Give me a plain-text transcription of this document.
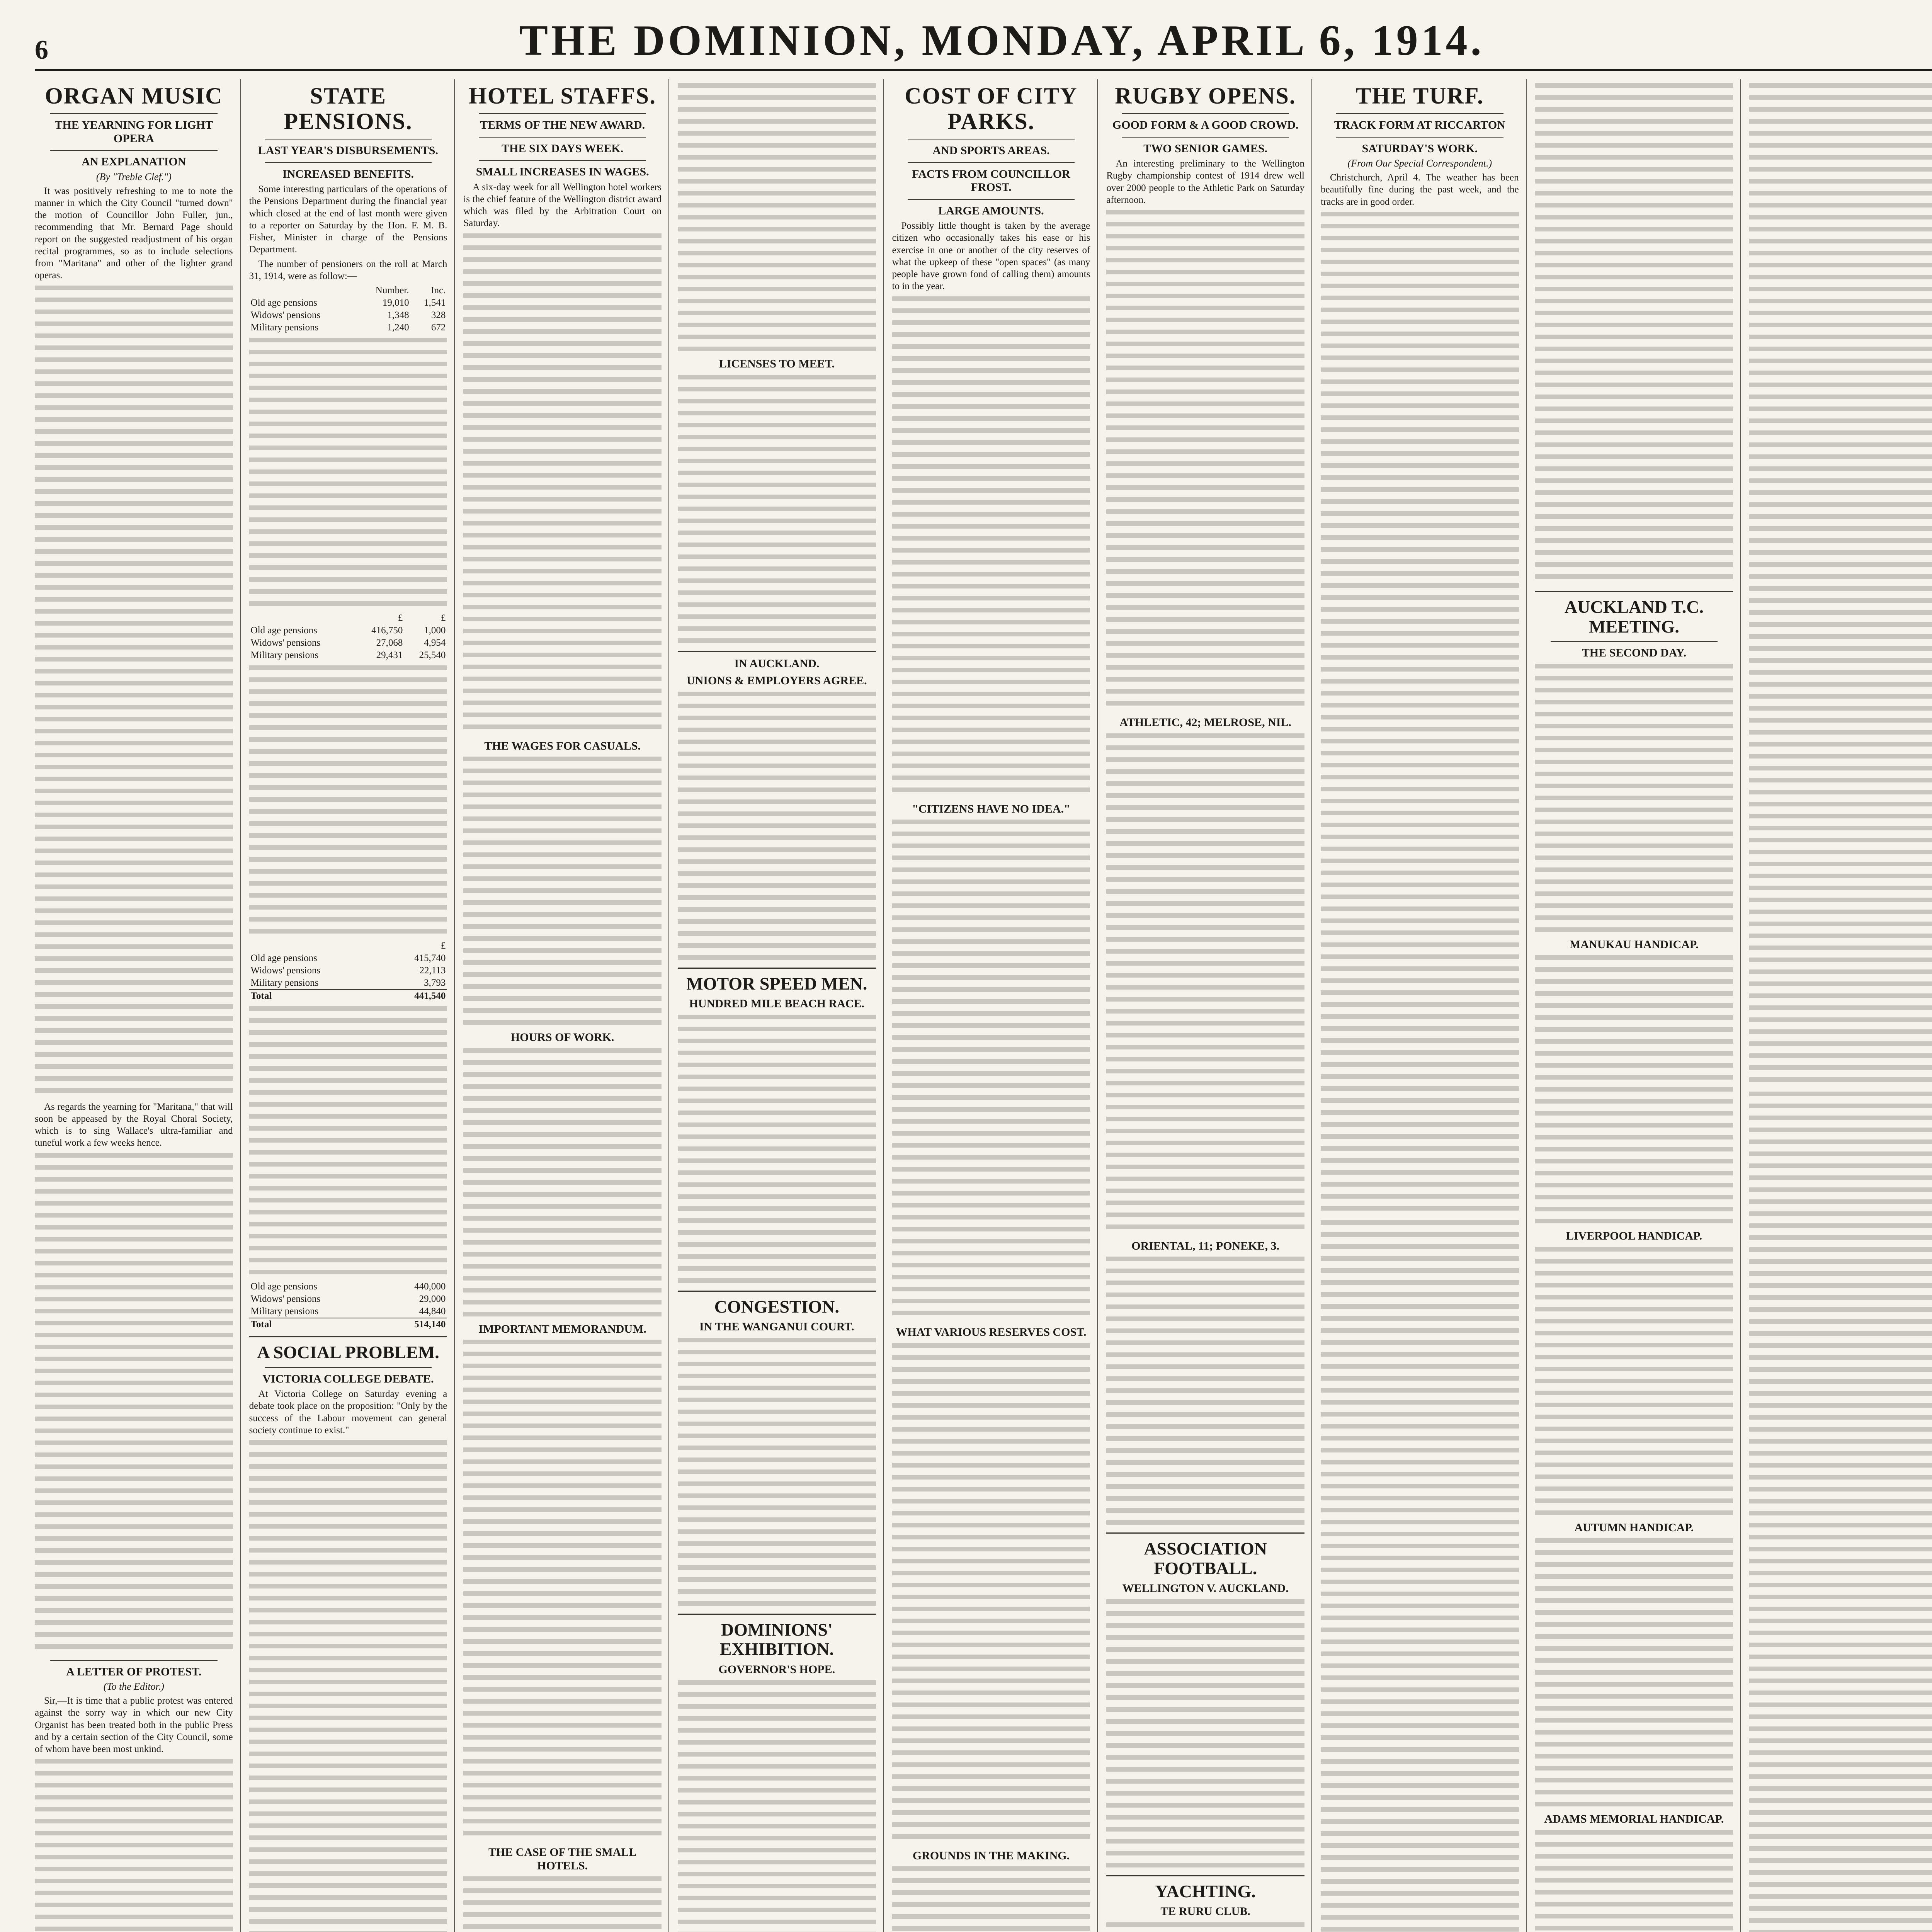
6	THE DOMINION, MONDAY, APRIL 6, 1914.
ORGAN MUSIC
THE YEARNING FOR LIGHT OPERA
AN EXPLANATION
(By "Treble Clef.")

It was positively refreshing to me to note the manner in which the City Council "turned down" the motion of Councillor John Fuller, jun., recommending that Mr. Bernard Page should report on the suggested readjustment of his organ recital programmes, so as to include selections from "Maritana" and other of the lighter grand operas.

As regards the yearning for "Maritana," that will soon be appeased by the Royal Choral Society, which is to sing Wallace's ultra-familiar and tuneful work a few weeks hence.

A LETTER OF PROTEST.
(To the Editor.)

Sir,—It is time that a public protest was entered against the sorry way in which our new City Organist has been treated both in the public Press and by a certain section of the City Council, some of whom have been most unkind.

STATE PENSIONS.
LAST YEAR'S DISBURSEMENTS.
INCREASED BENEFITS.

Some interesting particulars of the operations of the Pensions Department during the financial year which closed at the end of last month were given to a reporter on Saturday by the Hon. F. M. B. Fisher, Minister in charge of the Pensions Department.

The number of pensioners on the roll at March 31, 1914, were as follow:—

	Number.	Inc.
Old age pensions	19,010	1,541
Widows' pensions	1,348	328
Military pensions	1,240	672
	£	£
Old age pensions	416,750	1,000
Widows' pensions	27,068	4,954
Military pensions	29,431	25,540
	£
Old age pensions	415,740
Widows' pensions	22,113
Military pensions	3,793
Total	441,540
Old age pensions	440,000
Widows' pensions	29,000
Military pensions	44,840
Total	514,140
A SOCIAL PROBLEM.
VICTORIA COLLEGE DEBATE.

At Victoria College on Saturday evening a debate took place on the proposition: "Only by the success of the Labour movement can general society continue to exist."

HOTEL STAFFS.
TERMS OF THE NEW AWARD.
THE SIX DAYS WEEK.
SMALL INCREASES IN WAGES.

A six-day week for all Wellington hotel workers is the chief feature of the Wellington district award which was filed by the Arbitration Court on Saturday.

THE WAGES FOR CASUALS.
HOURS OF WORK.
IMPORTANT MEMORANDUM.
THE CASE OF THE SMALL HOTELS.
LICENSES TO MEET.
IN AUCKLAND.
UNIONS & EMPLOYERS AGREE.
MOTOR SPEED MEN.
HUNDRED MILE BEACH RACE.
CONGESTION.
IN THE WANGANUI COURT.
DOMINIONS' EXHIBITION.
GOVERNOR'S HOPE.
COST OF CITY PARKS.
AND SPORTS AREAS.
FACTS FROM COUNCILLOR FROST.
LARGE AMOUNTS.

Possibly little thought is taken by the average citizen who occasionally takes his ease or his exercise in one or another of the city reserves of what the upkeep of these "open spaces" (as many people have grown fond of calling them) amounts to in the year.

"CITIZENS HAVE NO IDEA."
WHAT VARIOUS RESERVES COST.
GROUNDS IN THE MAKING.
RUGBY OPENS.
GOOD FORM & A GOOD CROWD.
TWO SENIOR GAMES.

An interesting preliminary to the Wellington Rugby championship contest of 1914 drew well over 2000 people to the Athletic Park on Saturday afternoon.

ATHLETIC, 42; MELROSE, NIL.
ORIENTAL, 11; PONEKE, 3.
ASSOCIATION FOOTBALL.
WELLINGTON V. AUCKLAND.
YACHTING.
TE RURU CLUB.
THE TURF.
TRACK FORM AT RICCARTON
SATURDAY'S WORK.
(From Our Special Correspondent.)

Christchurch, April 4. The weather has been beautifully fine during the past week, and the tracks are in good order.

AUCKLAND T.C. MEETING.
THE SECOND DAY.
MANUKAU HANDICAP.
LIVERPOOL HANDICAP.
AUTUMN HANDICAP.
ADAMS MEMORIAL HANDICAP.
